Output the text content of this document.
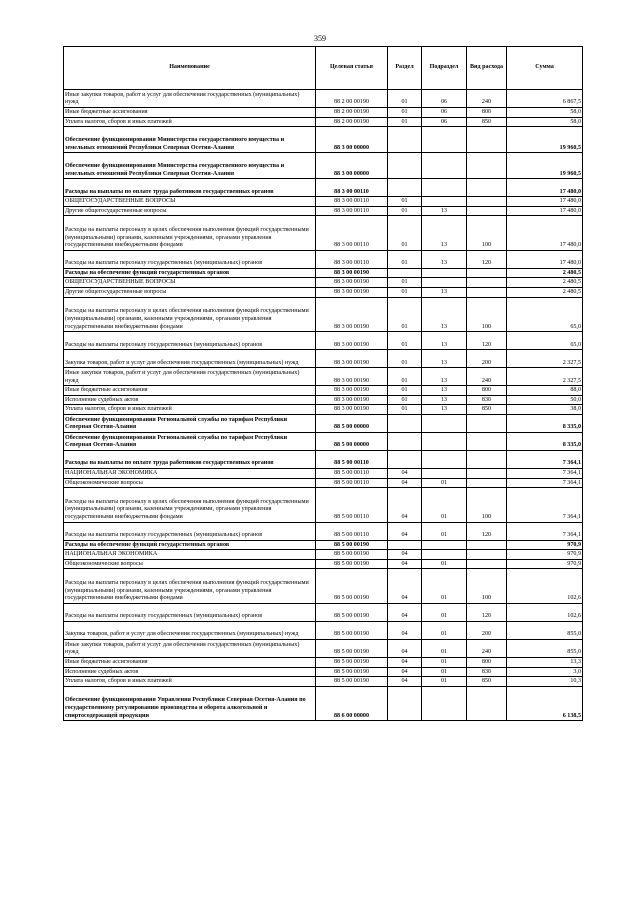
359
Наименование	Целевая статья	Раздел	Подраздел	Вид расхода	Сумма
Иные закупки товаров, работ и услуг для обеспечения государственных (муниципальных) нужд	88 2 00 00190	01	06	240	6 867,5
Иные бюджетные ассигнования	88 2 00 00190	01	06	800	58,0
Уплата налогов, сборов и иных платежей	88 2 00 00190	01	06	850	58,0
Обеспечение функционирования Министерства государственного имущества и земельных отношений Республики Северная Осетия-Алания	88 3 00 00000				19 960,5
Обеспечение функционирования Министерства государственного имущества и земельных отношений Республики Северная Осетия-Алания	88 3 00 00000				19 960,5
Расходы на выплаты по оплате труда работников государственных органов	88 3 00 00110				17 480,0
ОБЩЕГОСУДАРСТВЕННЫЕ ВОПРОСЫ	88 3 00 00110	01			17 480,0
Другие общегосударственные вопросы	88 3 00 00110	01	13		17 480,0
Расходы на выплаты персоналу в целях обеспечения выполнения функций государственными (муниципальными) органами, казенными учреждениями, органами управления государственными внебюджетными фондами	88 3 00 00110	01	13	100	17 480,0
Расходы на выплаты персоналу государственных (муниципальных) органов	88 3 00 00110	01	13	120	17 480,0
Расходы на обеспечение функций государственных органов	88 3 00 00190				2 480,5
ОБЩЕГОСУДАРСТВЕННЫЕ ВОПРОСЫ	88 3 00 00190	01			2 480,5
Другие общегосударственные вопросы	88 3 00 00190	01	13		2 480,5
Расходы на выплаты персоналу в целях обеспечения выполнения функций государственными (муниципальными) органами, казенными учреждениями, органами управления государственными внебюджетными фондами	88 3 00 00190	01	13	100	65,0
Расходы на выплаты персоналу государственных (муниципальных) органов	88 3 00 00190	01	13	120	65,0
Закупка товаров, работ и услуг для обеспечения государственных (муниципальных) нужд	88 3 00 00190	01	13	200	2 327,5
Иные закупки товаров, работ и услуг для обеспечения государственных (муниципальных) нужд	88 3 00 00190	01	13	240	2 327,5
Иные бюджетные ассигнования	88 3 00 00190	01	13	800	88,0
Исполнение судебных актов	88 3 00 00190	01	13	830	50,0
Уплата налогов, сборов и иных платежей	88 3 00 00190	01	13	850	38,0
Обеспечение функционирования Региональной службы по тарифам Республики Северная Осетия-Алания	88 5 00 00000				8 335,0
Обеспечение функционирования Региональной службы по тарифам Республики Северная Осетия-Алания	88 5 00 00000				8 335,0
Расходы на выплаты по оплате труда работников государственных органов	88 5 00 00110				7 364,1
НАЦИОНАЛЬНАЯ ЭКОНОМИКА	88 5 00 00110	04			7 364,1
Общеэкономические вопросы	88 5 00 00110	04	01		7 364,1
Расходы на выплаты персоналу в целях обеспечения выполнения функций государственными (муниципальными) органами, казенными учреждениями, органами управления государственными внебюджетными фондами	88 5 00 00110	04	01	100	7 364,1
Расходы на выплаты персоналу государственных (муниципальных) органов	88 5 00 00110	04	01	120	7 364,1
Расходы на обеспечение функций государственных органов	88 5 00 00190				970,9
НАЦИОНАЛЬНАЯ ЭКОНОМИКА	88 5 00 00190	04			970,9
Общеэкономические вопросы	88 5 00 00190	04	01		970,9
Расходы на выплаты персоналу в целях обеспечения выполнения функций государственными (муниципальными) органами, казенными учреждениями, органами управления государственными внебюджетными фондами	88 5 00 00190	04	01	100	102,6
Расходы на выплаты персоналу государственных (муниципальных) органов	88 5 00 00190	04	01	120	102,6
Закупка товаров, работ и услуг для обеспечения государственных (муниципальных) нужд	88 5 00 00190	04	01	200	855,0
Иные закупки товаров, работ и услуг для обеспечения государственных (муниципальных) нужд	88 5 00 00190	04	01	240	855,0
Иные бюджетные ассигнования	88 5 00 00190	04	01	800	13,3
Исполнение судебных актов	88 5 00 00190	04	01	830	3,0
Уплата налогов, сборов и иных платежей	88 5 00 00190	04	01	850	10,3
Обеспечение функционирования Управления Республики Северная Осетия-Алания по государственному регулированию производства и оборота алкогольной и спиртосодержащей продукции	88 6 00 00000				6 138,5
